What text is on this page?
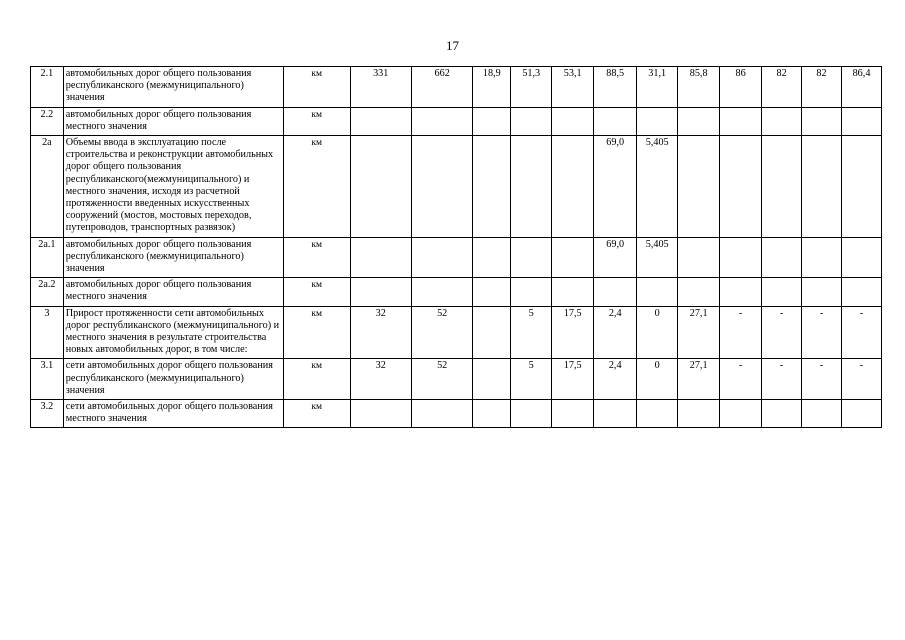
17
2.1	автомобильных дорог общего пользования республиканского (межмуниципального) значения	км	331	662	18,9	51,3	53,1	88,5	31,1	85,8	86	82	82	86,4
2.2	автомобильных дорог общего пользования местного значения	км												
2а	Объемы ввода в эксплуатацию после строительства и реконструкции автомобильных дорог общего пользования республиканского(межмуниципального) и местного значения, исходя из расчетной протяженности введенных искусственных сооружений (мостов, мостовых переходов, путепроводов, транспортных развязок)	км						69,0	5,405					
2а.1	автомобильных дорог общего пользования республиканского (межмуниципального) значения	км						69,0	5,405					
2а.2	автомобильных дорог общего пользования местного значения	км												
3	Прирост протяженности сети автомобильных дорог республиканского (межмуниципального) и местного значения в результате строительства новых автомобильных дорог, в том числе:	км	32	52		5	17,5	2,4	0	27,1	-	-	-	-
3.1	сети автомобильных дорог общего пользования республиканского (межмуниципального) значения	км	32	52		5	17,5	2,4	0	27,1	-	-	-	-
3.2	сети автомобильных дорог общего пользования местного значения	км												
